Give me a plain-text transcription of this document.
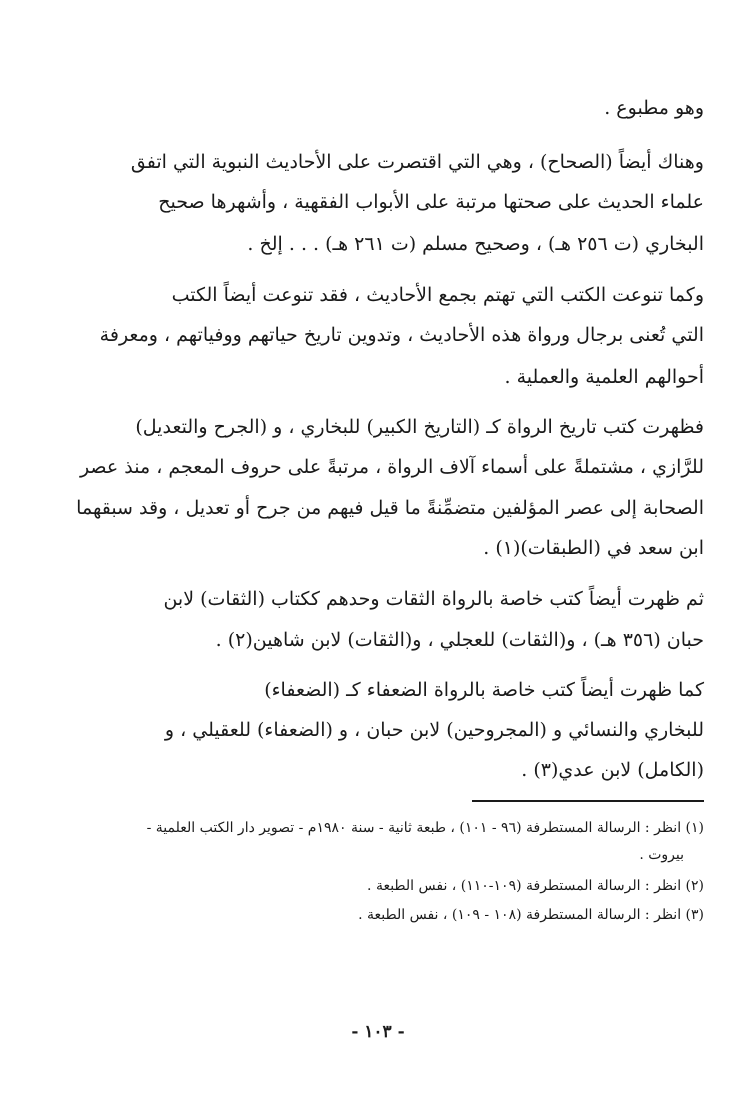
وهو مطبوع .
وهناك أيضاً (الصحاح) ، وهي التي اقتصرت على الأحاديث النبوية التي اتفق
علماء الحديث على صحتها مرتبة على الأبواب الفقهية ، وأشهرها صحيح
البخاري (ت ٢٥٦ هـ) ، وصحيح مسلم (ت ٢٦١ هـ) . . . إلخ .
وكما تنوعت الكتب التي تهتم بجمع الأحاديث ، فقد تنوعت أيضاً الكتب
التي تُعنى برجال ورواة هذه الأحاديث ، وتدوين تاريخ حياتهم ووفياتهم ، ومعرفة
أحوالهم العلمية والعملية .
فظهرت كتب تاريخ الرواة كـ (التاريخ الكبير) للبخاري ، و (الجرح والتعديل)
للرَّازي ، مشتملةً على أسماء آلاف الرواة ، مرتبةً على حروف المعجم ، منذ عصر
الصحابة إلى عصر المؤلفين متضمِّنةً ما قيل فيهم من جرح أو تعديل ، وقد سبقهما
ابن سعد في (الطبقات)(١) .
ثم ظهرت أيضاً كتب خاصة بالرواة الثقات وحدهم ككتاب (الثقات) لابن
حبان (٣٥٦ هـ) ، و(الثقات) للعجلي ، و(الثقات) لابن شاهين(٢) .
كما ظهرت أيضاً كتب خاصة بالرواة الضعفاء كـ (الضعفاء)
للبخاري والنسائي و (المجروحين) لابن حبان ، و (الضعفاء) للعقيلي ، و
(الكامل) لابن عدي(٣) .
(١) انظر : الرسالة المستطرفة (٩٦ - ١٠١) ، طبعة ثانية - سنة ١٩٨٠م - تصوير دار الكتب العلمية -
بيروت .
(٢) انظر : الرسالة المستطرفة (١٠٩-١١٠) ، نفس الطبعة .
(٣) انظر : الرسالة المستطرفة (١٠٨ - ١٠٩) ، نفس الطبعة .
- ١٠٣ -
